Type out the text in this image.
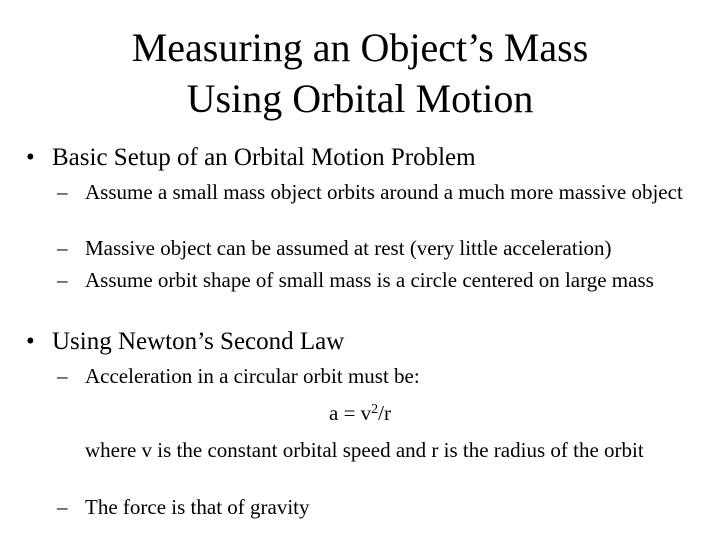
Measuring an Object’s Mass
Using Orbital Motion
• Basic Setup of an Orbital Motion Problem
– Assume a small mass object orbits around a much more massive object
– Massive object can be assumed at rest (very little acceleration)
– Assume orbit shape of small mass is a circle centered on large mass
• Using Newton’s Second Law
– Acceleration in a circular orbit must be:
$a = v^2/r$
where v is the constant orbital speed and r is the radius of the orbit
– The force is that of gravity
